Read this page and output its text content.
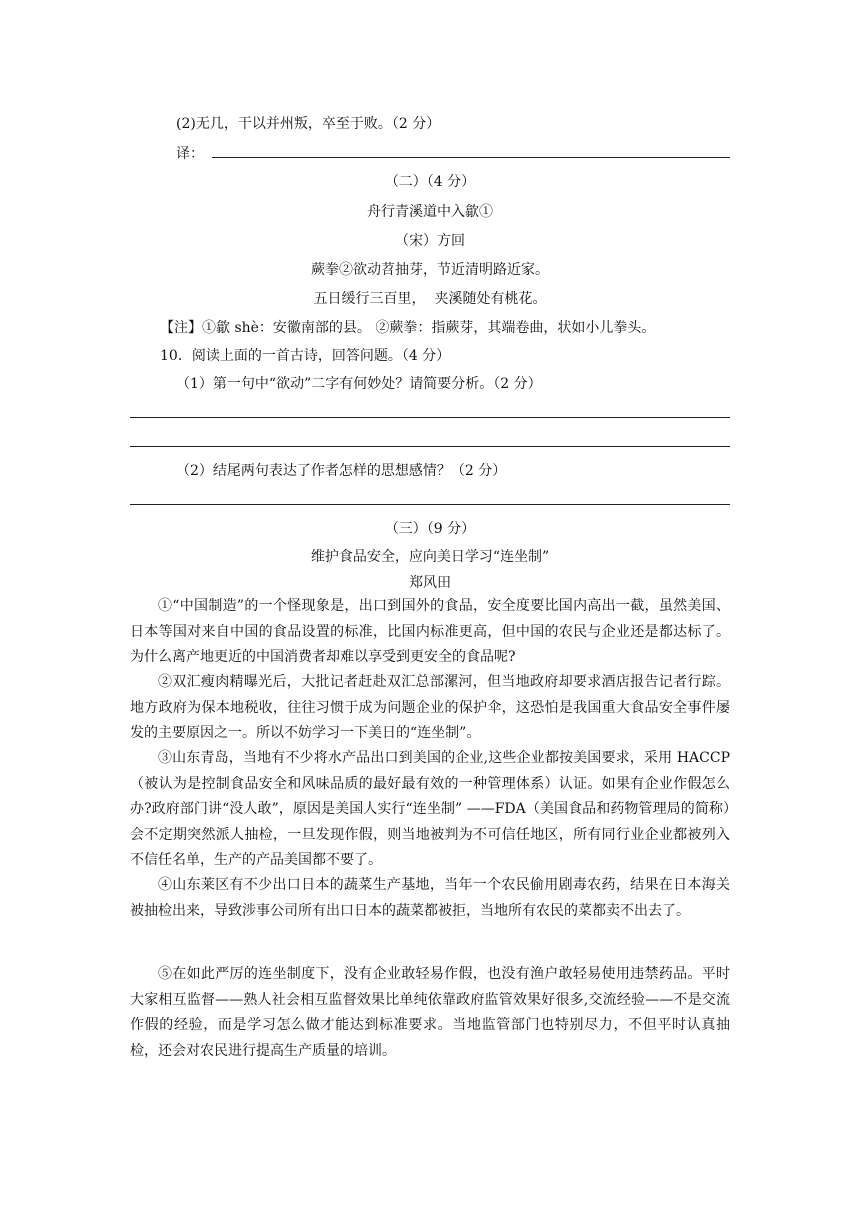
(2)无几，干以并州叛，卒至于败。（2 分）
译：
（二）（4 分）
舟行青溪道中入歙①
（宋）方回
蕨拳②欲动苕抽芽，节近清明路近家。
五日缓行三百里，  夹溪随处有桃花。
【注】①歙 shè：安徽南部的县。 ②蕨拳：指蕨芽，其端卷曲，状如小儿拳头。
10．阅读上面的一首古诗，回答问题。（4 分）
（1）第一句中“欲动”二字有何妙处？请简要分析。（2 分）
（2）结尾两句表达了作者怎样的思想感情？（2 分）
（三）（9 分）
维护食品安全，应向美日学习“连坐制”
郑风田
①“中国制造”的一个怪现象是，出口到国外的食品，安全度要比国内高出一截，虽然美国、日本等国对来自中国的食品设置的标准，比国内标准更高，但中国的农民与企业还是都达标了。为什么离产地更近的中国消费者却难以享受到更安全的食品呢?
②双汇瘦肉精曝光后，大批记者赶赴双汇总部漯河，但当地政府却要求酒店报告记者行踪。地方政府为保本地税收，往往习惯于成为问题企业的保护伞，这恐怕是我国重大食品安全事件屡发的主要原因之一。所以不妨学习一下美日的“连坐制”。
③山东青岛，当地有不少将水产品出口到美国的企业,这些企业都按美国要求，采用 HACCP（被认为是控制食品安全和风味品质的最好最有效的一种管理体系）认证。如果有企业作假怎么办?政府部门讲“没人敢”，原因是美国人实行“连坐制” ——FDA（美国食品和药物管理局的简称）会不定期突然派人抽检，一旦发现作假，则当地被判为不可信任地区，所有同行业企业都被列入不信任名单，生产的产品美国都不要了。
④山东莱区有不少出口日本的蔬菜生产基地，当年一个农民偷用剧毒农药，结果在日本海关被抽检出来，导致涉事公司所有出口日本的蔬菜都被拒，当地所有农民的菜都卖不出去了。
⑤在如此严厉的连坐制度下，没有企业敢轻易作假，也没有渔户敢轻易使用违禁药品。平时大家相互监督——熟人社会相互监督效果比单纯依靠政府监管效果好很多,交流经验——不是交流作假的经验，而是学习怎么做才能达到标准要求。当地监管部门也特别尽力，不但平时认真抽检，还会对农民进行提高生产质量的培训。
